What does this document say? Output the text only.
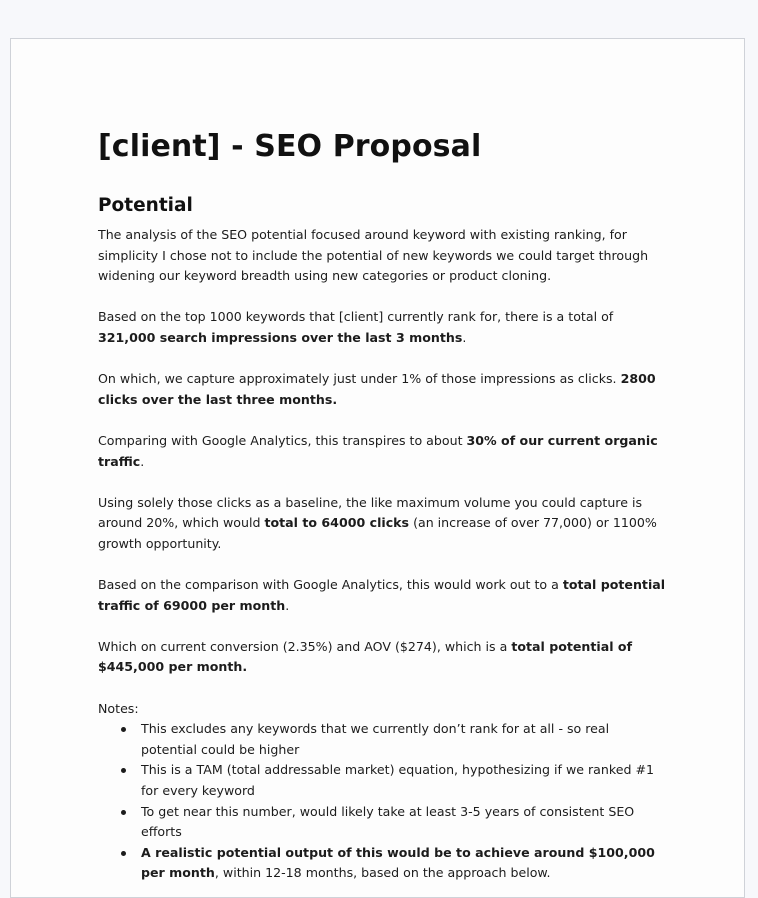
[client] - SEO Proposal
Potential

The analysis of the SEO potential focused around keyword with existing ranking, for simplicity I chose not to include the potential of new keywords we could target through widening our keyword breadth using new categories or product cloning.

Based on the top 1000 keywords that [client] currently rank for, there is a total of 321,000 search impressions over the last 3 months.

On which, we capture approximately just under 1% of those impressions as clicks. 2800 clicks over the last three months.

Comparing with Google Analytics, this transpires to about 30% of our current organic traffic.

Using solely those clicks as a baseline, the like maximum volume you could capture is around 20%, which would total to 64000 clicks (an increase of over 77,000) or 1100% growth opportunity.

Based on the comparison with Google Analytics, this would work out to a total potential traffic of 69000 per month.

Which on current conversion (2.35%) and AOV ($274), which is a total potential of $445,000 per month.

Notes:

This excludes any keywords that we currently don’t rank for at all - so real potential could be higher
This is a TAM (total addressable market) equation, hypothesizing if we ranked #1 for every keyword
To get near this number, would likely take at least 3-5 years of consistent SEO efforts
A realistic potential output of this would be to achieve around $100,000 per month, within 12-18 months, based on the approach below.
